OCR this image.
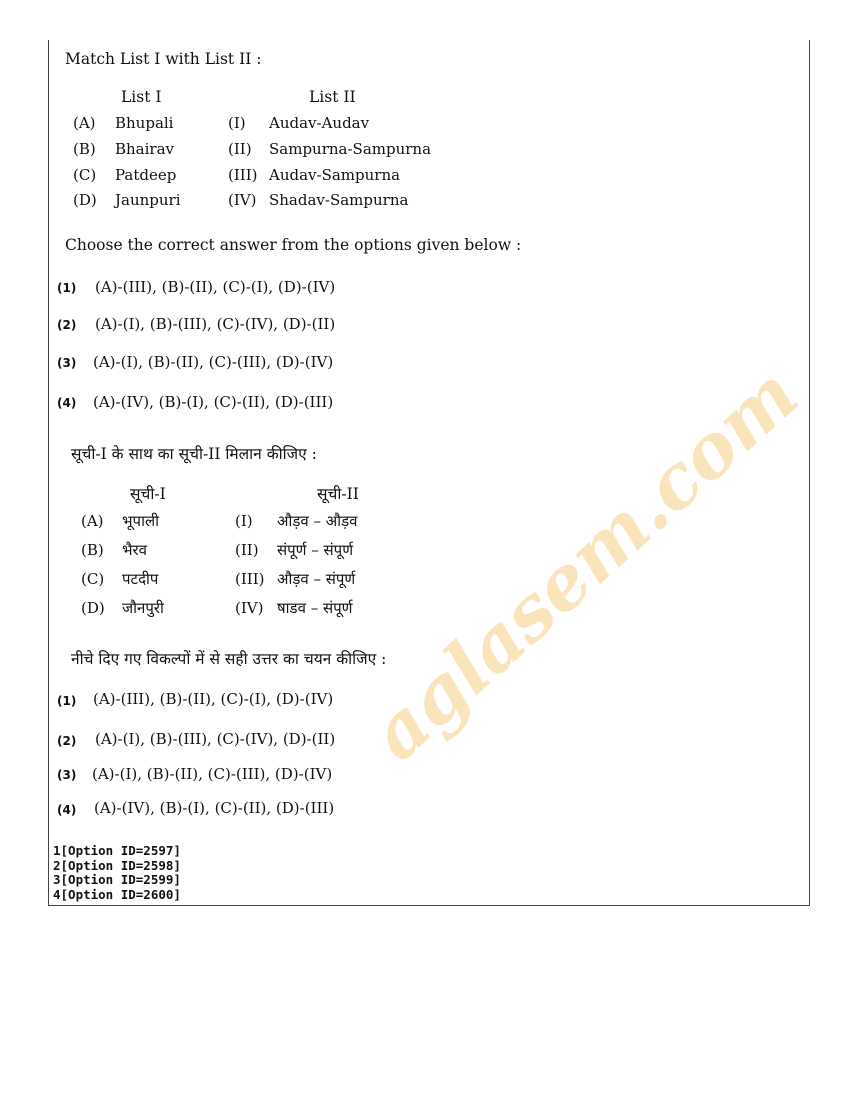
Match List I with List II :
List I	List II
(A) Bhupali	(I) Audav-Audav
(B) Bhairav	(II) Sampurna-Sampurna
(C) Patdeep	(III) Audav-Sampurna
(D) Jaunpuri	(IV) Shadav-Sampurna
Choose the correct answer from the options given below :
(1) (A)-(III), (B)-(II), (C)-(I), (D)-(IV)
(2) (A)-(I), (B)-(III), (C)-(IV), (D)-(II)
(3) (A)-(I), (B)-(II), (C)-(III), (D)-(IV)
(4) (A)-(IV), (B)-(I), (C)-(II), (D)-(III)
सूची-I के साथ का सूची-II मिलान कीजिए :
सूची-I	सूची-II
(A) भूपाली	(I) औड़व – औड़व
(B) भैरव	(II) संपूर्ण – संपूर्ण
(C) पटदीप	(III) औड़व – संपूर्ण
(D) जौनपुरी	(IV) षाडव – संपूर्ण
नीचे दिए गए विकल्पों में से सही उत्तर का चयन कीजिए :
(1) (A)-(III), (B)-(II), (C)-(I), (D)-(IV)
(2) (A)-(I), (B)-(III), (C)-(IV), (D)-(II)
(3) (A)-(I), (B)-(II), (C)-(III), (D)-(IV)
(4) (A)-(IV), (B)-(I), (C)-(II), (D)-(III)
1[Option ID=2597]
2[Option ID=2598]
3[Option ID=2599]
4[Option ID=2600]
aglasem.com
